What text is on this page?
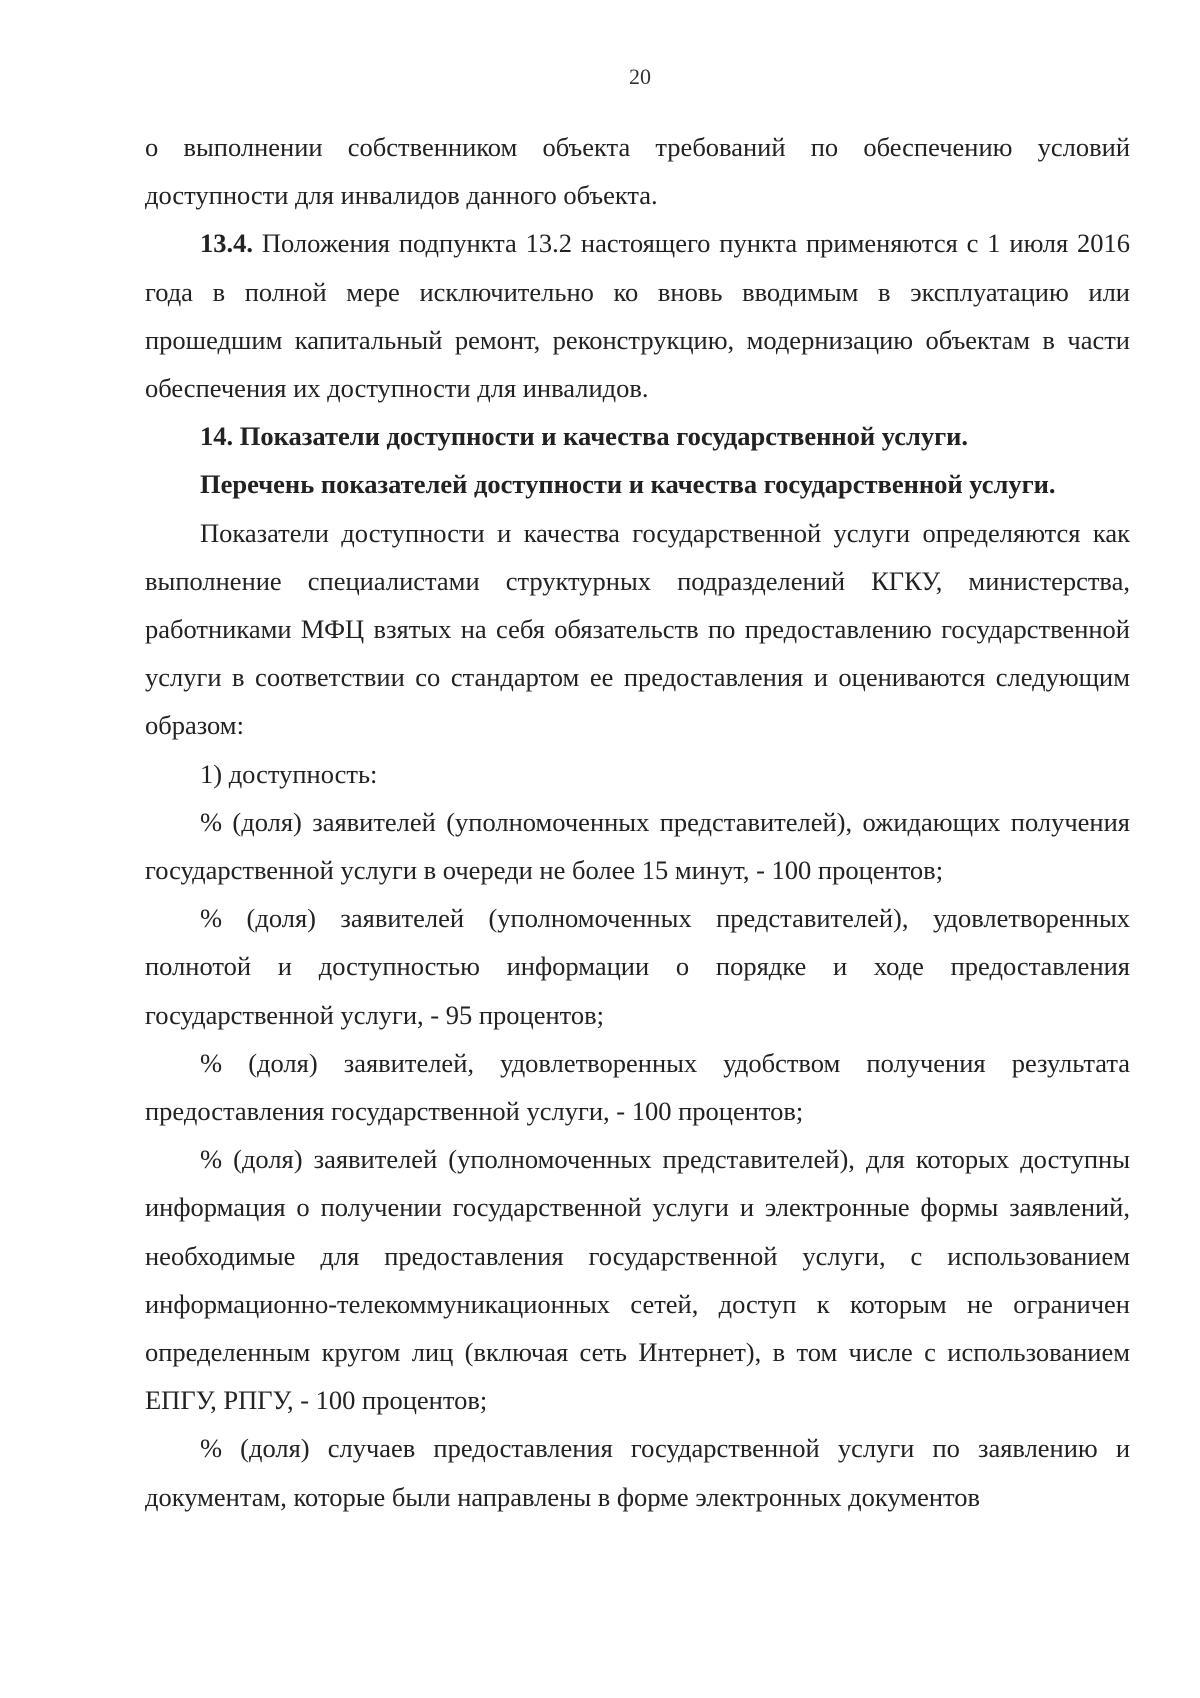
20

о выполнении собственником объекта требований по обеспечению условий доступности для инвалидов данного объекта.

13.4. Положения подпункта 13.2 настоящего пункта применяются с 1 июля 2016 года в полной мере исключительно ко вновь вводимым в эксплуатацию или прошедшим капитальный ремонт, реконструкцию, модернизацию объектам в части обеспечения их доступности для инвалидов.

14. Показатели доступности и качества государственной услуги.

Перечень показателей доступности и качества государственной услуги.

Показатели доступности и качества государственной услуги определяются как выполнение специалистами структурных подразделений КГКУ, министерства, работниками МФЦ взятых на себя обязательств по предоставлению государственной услуги в соответствии со стандартом ее предоставления и оцениваются следующим образом:

1) доступность:

% (доля) заявителей (уполномоченных представителей), ожидающих получения государственной услуги в очереди не более 15 минут, - 100 процентов;

% (доля) заявителей (уполномоченных представителей), удовлетворенных полнотой и доступностью информации о порядке и ходе предоставления государственной услуги, - 95 процентов;

% (доля) заявителей, удовлетворенных удобством получения результата предоставления государственной услуги, - 100 процентов;

% (доля) заявителей (уполномоченных представителей), для которых доступны информация о получении государственной услуги и электронные формы заявлений, необходимые для предоставления государственной услуги, с использованием информационно-телекоммуникационных сетей, доступ к которым не ограничен определенным кругом лиц (включая сеть Интернет), в том числе с использованием ЕПГУ, РПГУ, - 100 процентов;

% (доля) случаев предоставления государственной услуги по заявлению и документам, которые были направлены в форме электронных документов
